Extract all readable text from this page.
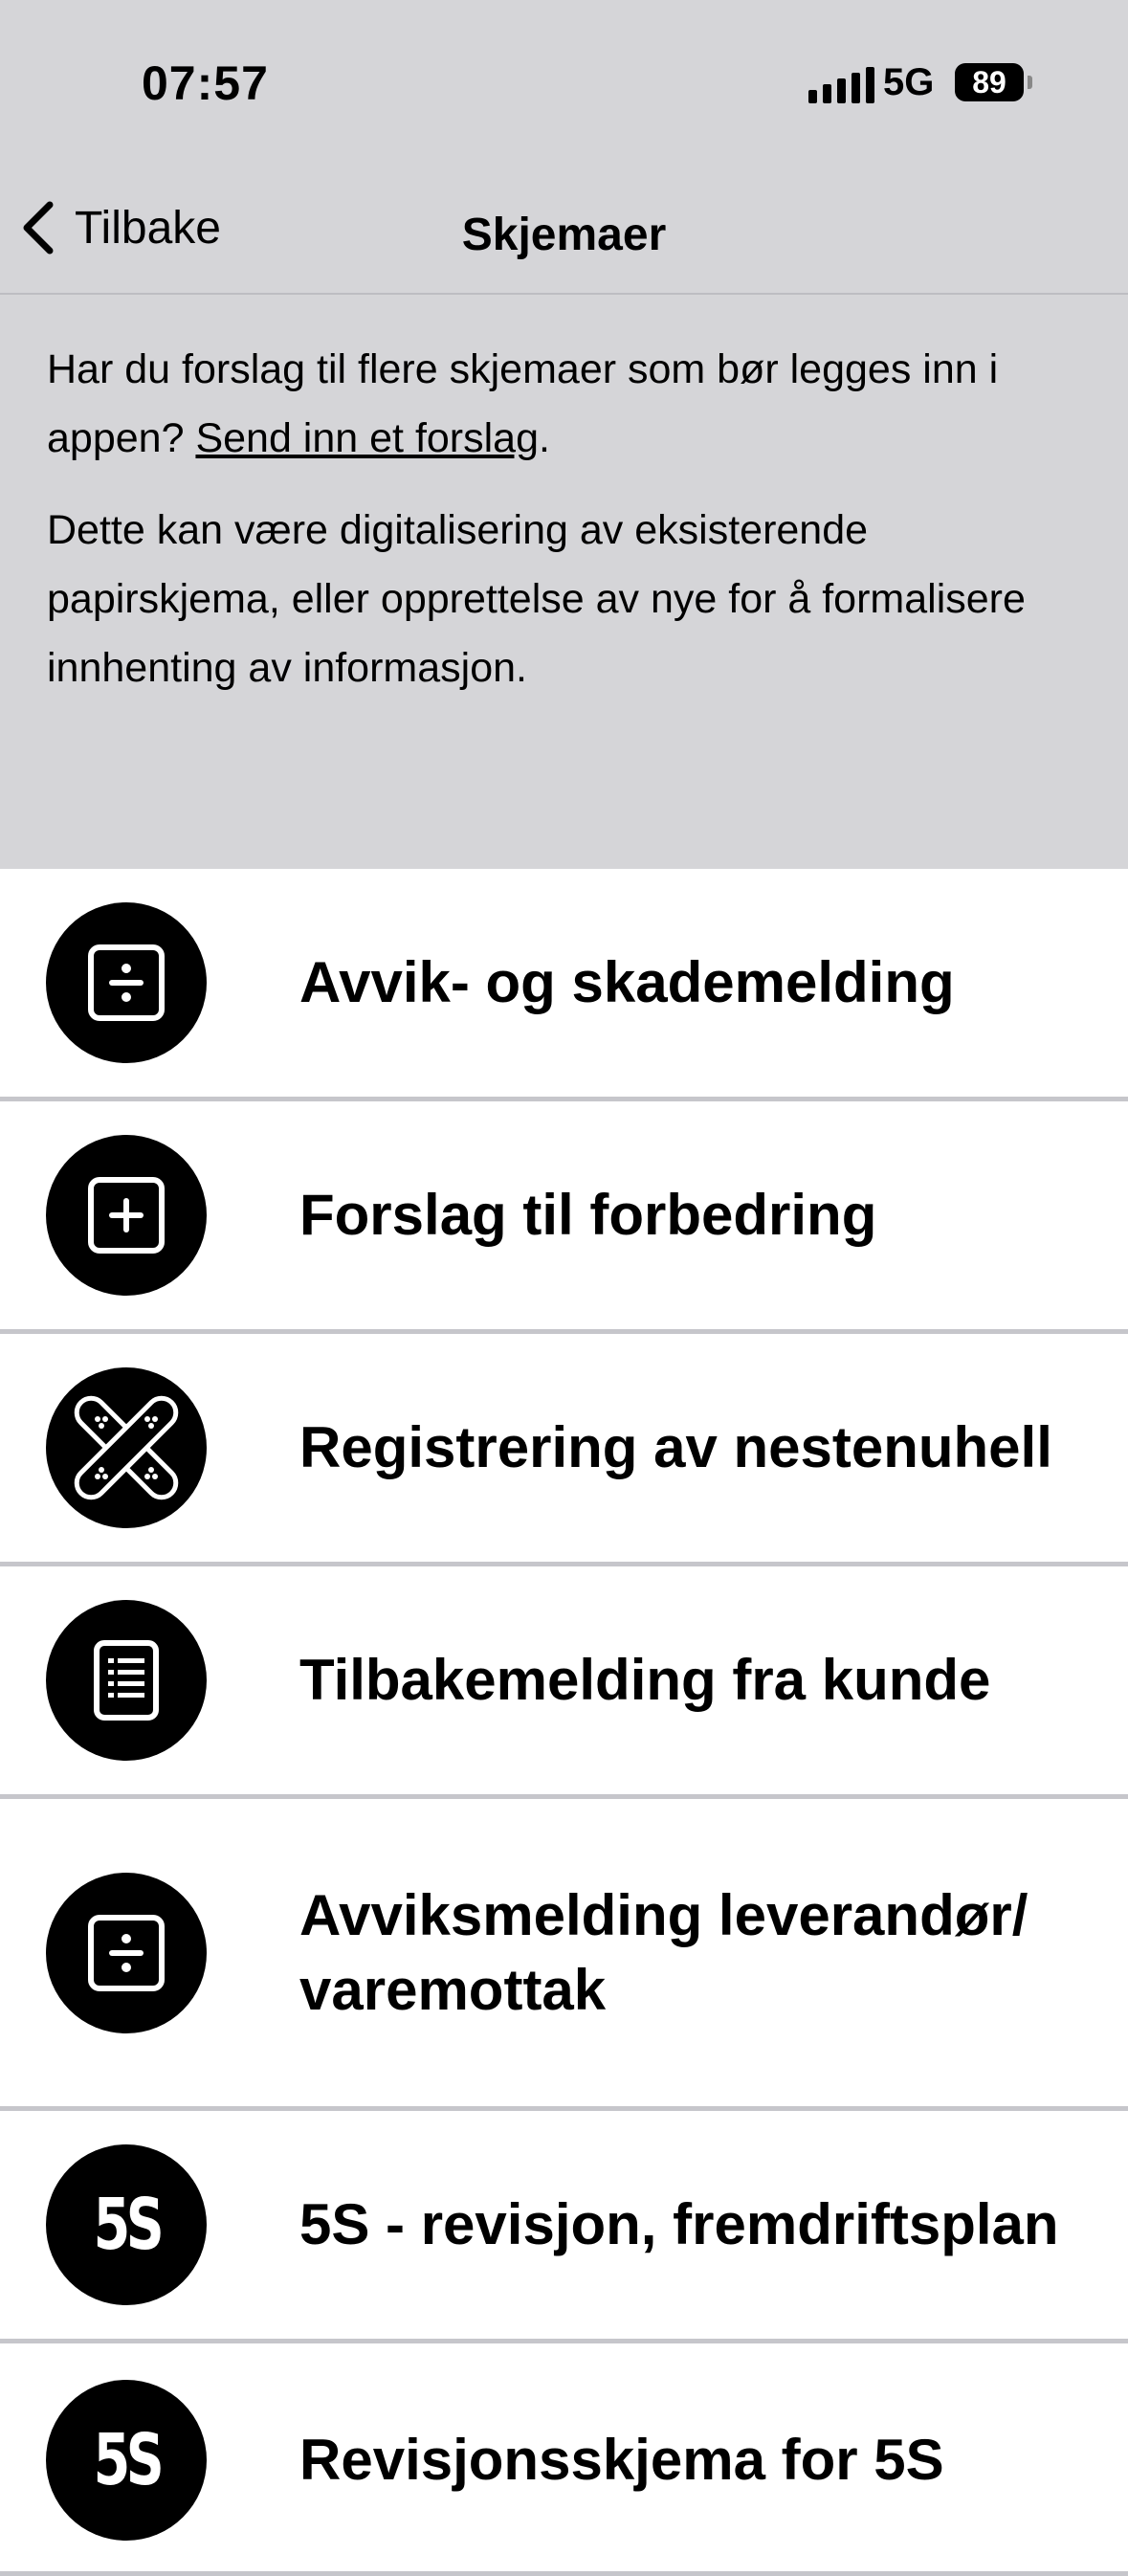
07:57	5G	89
Tilbake	Skjemaer

Har du forslag til flere skjemaer som bør legges inn i appen? Send inn et forslag.

Dette kan være digitalisering av eksisterende papirskjema, eller opprettelse av nye for å formalisere innhenting av informasjon.

Avvik- og skademelding
Forslag til forbedring
Registrering av nestenuhell
Tilbakemelding fra kunde
Avviksmelding leverandør/ varemottak
5S 5S - revisjon, fremdriftsplan
5S Revisjonsskjema for 5S
